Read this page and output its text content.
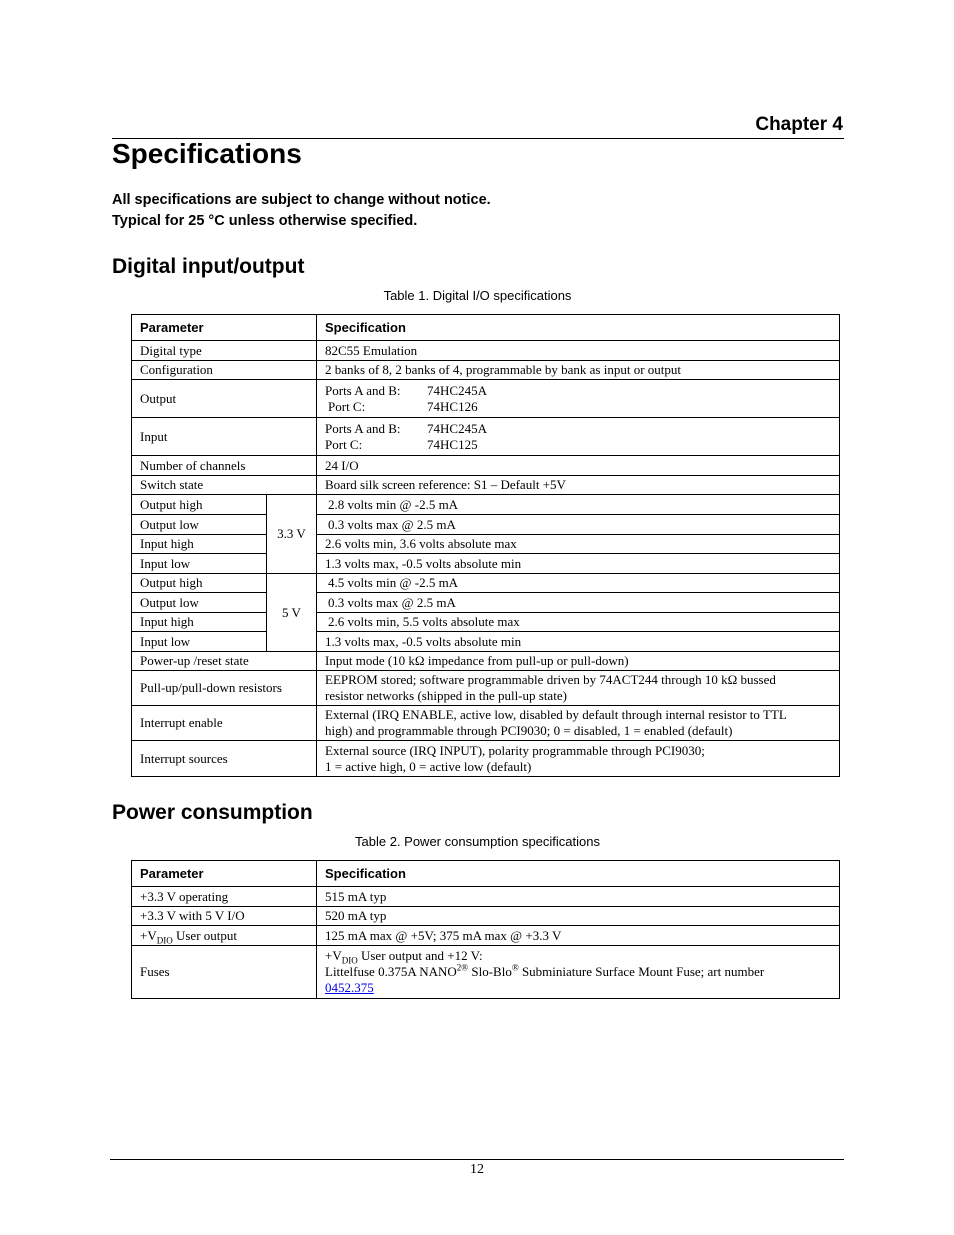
Chapter 4
Specifications
All specifications are subject to change without notice.
Typical for 25 °C unless otherwise specified.
Digital input/output
Table 1. Digital I/O specifications
Parameter		Specification
Digital type		82C55 Emulation
Configuration		2 banks of 8, 2 banks of 4, programmable by bank as input or output
Output		Ports A and B: 74HC245A
Port C: 74HC126

Input		Ports A and B: 74HC245A
Port C: 74HC125

Number of channels		24 I/O
Switch state		Board silk screen reference: S1 – Default +5V
Output high	3.3 V	2.8 volts min @ -2.5 mA
Output low		0.3 volts max @ 2.5 mA
Input high		2.6 volts min, 3.6 volts absolute max
Input low		1.3 volts max, -0.5 volts absolute min
Output high	5 V	4.5 volts min @ -2.5 mA
Output low		0.3 volts max @ 2.5 mA
Input high		2.6 volts min, 5.5 volts absolute max
Input low		1.3 volts max, -0.5 volts absolute min
Power-up /reset state		Input mode (10 kΩ impedance from pull-up or pull-down)
Pull-up/pull-down resistors		EEPROM stored; software programmable driven by 74ACT244 through 10 kΩ bussed
resistor networks (shipped in the pull-up state)

Interrupt enable		External (IRQ ENABLE, active low, disabled by default through internal resistor to TTL
high) and programmable through PCI9030; 0 = disabled, 1 = enabled (default)

Interrupt sources		External source (IRQ INPUT), polarity programmable through PCI9030;
1 = active high, 0 = active low (default)
Power consumption
Table 2. Power consumption specifications
Parameter	Specification
+3.3 V operating	515 mA typ
+3.3 V with 5 V I/O	520 mA typ
$+V_{DIO}$ User output	125 mA max @ +5V; 375 mA max @ +3.3 V
Fuses	$+V_{DIO}$ User output and +12 V:
Littelfuse 0.375A $NANO^{2®}$ Slo-Blo® Subminiature Surface Mount Fuse; art number
0452.375
12
